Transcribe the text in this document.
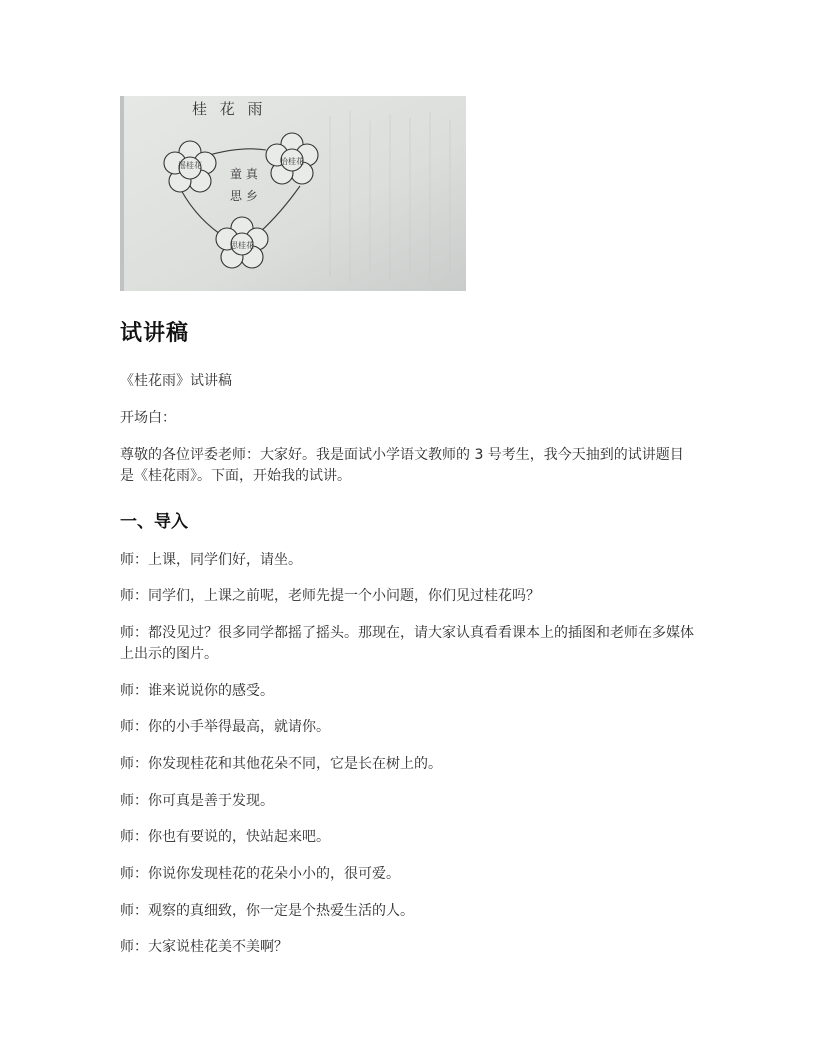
桂 花 雨
摇桂花	拾桂花
思桂花
童 真
思 乡
试讲稿
《桂花雨》试讲稿
开场白：
尊敬的各位评委老师：大家好。我是面试小学语文教师的 3 号考生，我今天抽到的试讲题目是《桂花雨》。下面，开始我的试讲。
一、导入
师：上课，同学们好，请坐。
师：同学们，上课之前呢，老师先提一个小问题，你们见过桂花吗？
师：都没见过？很多同学都摇了摇头。那现在，请大家认真看看课本上的插图和老师在多媒体上出示的图片。
师：谁来说说你的感受。
师：你的小手举得最高，就请你。
师：你发现桂花和其他花朵不同，它是长在树上的。
师：你可真是善于发现。
师：你也有要说的，快站起来吧。
师：你说你发现桂花的花朵小小的，很可爱。
师：观察的真细致，你一定是个热爱生活的人。
师：大家说桂花美不美啊？
